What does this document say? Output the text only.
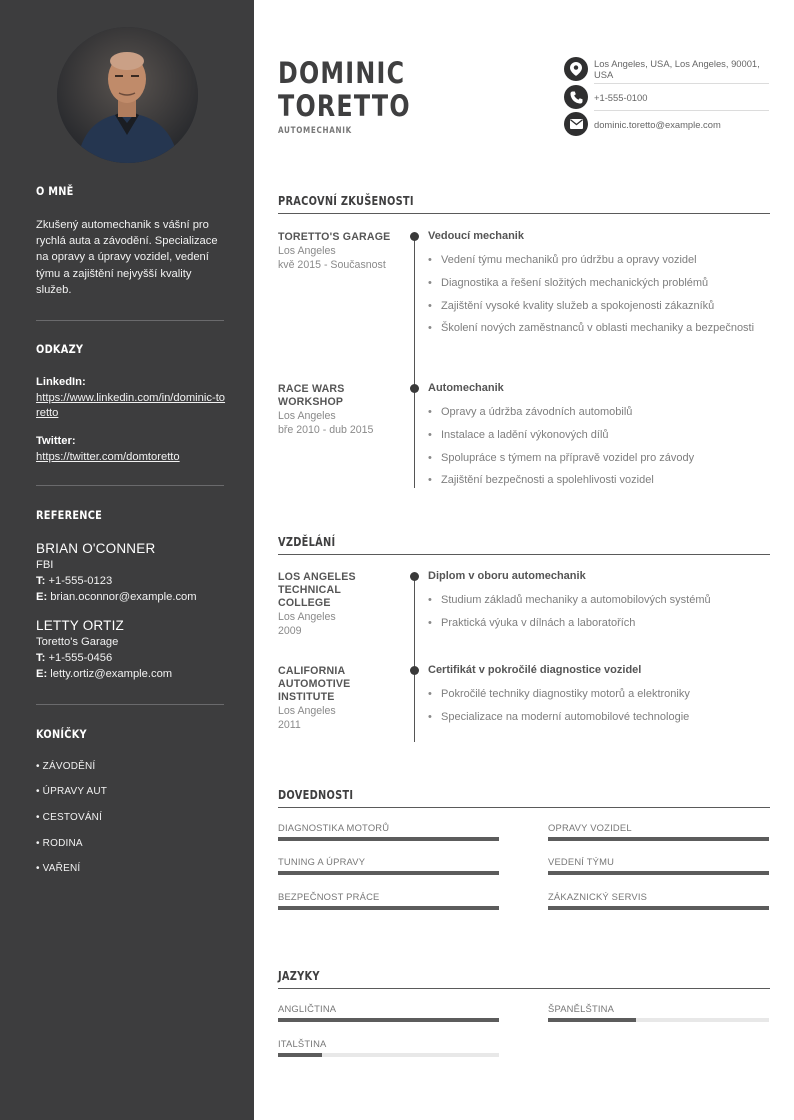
O MNĚ
Zkušený automechanik s vášní pro rychlá auta a závodění. Specializace na opravy a úpravy vozidel, vedení týmu a zajištění nejvyšší kvality služeb.
ODKAZY
LinkedIn:
https://www.linkedin.com/in/dominic-toretto
Twitter:
https://twitter.com/domtoretto
REFERENCE
BRIAN O'CONNER
FBI
T: +1-555-0123
E: brian.oconnor@example.com
LETTY ORTIZ
Toretto's Garage
T: +1-555-0456
E: letty.ortiz@example.com
KONÍČKY
• ZÁVODĚNÍ
• ÚPRAVY AUT
• CESTOVÁNÍ
• RODINA
• VAŘENÍ
DOMINIC
TORETTO
AUTOMECHANIK
Los Angeles, USA, Los Angeles, 90001, USA
+1-555-0100
dominic.toretto@example.com
PRACOVNÍ ZKUŠENOSTI
TORETTO'S GARAGE
Los Angeles
kvě 2015 - Současnost
Vedoucí mechanik
• Vedení týmu mechaniků pro údržbu a opravy vozidel
• Diagnostika a řešení složitých mechanických problémů
• Zajištění vysoké kvality služeb a spokojenosti zákazníků
• Školení nových zaměstnanců v oblasti mechaniky a bezpečnosti
RACE WARS WORKSHOP
Los Angeles
bře 2010 - dub 2015
Automechanik
• Opravy a údržba závodních automobilů
• Instalace a ladění výkonových dílů
• Spolupráce s týmem na přípravě vozidel pro závody
• Zajištění bezpečnosti a spolehlivosti vozidel
VZDĚLÁNÍ
LOS ANGELES TECHNICAL COLLEGE
Los Angeles
2009
Diplom v oboru automechanik
• Studium základů mechaniky a automobilových systémů
• Praktická výuka v dílnách a laboratořích
CALIFORNIA AUTOMOTIVE INSTITUTE
Los Angeles
2011
Certifikát v pokročilé diagnostice vozidel
• Pokročilé techniky diagnostiky motorů a elektroniky
• Specializace na moderní automobilové technologie
DOVEDNOSTI
DIAGNOSTIKA MOTORŮ	OPRAVY VOZIDEL
TUNING A ÚPRAVY	VEDENÍ TÝMU
BEZPEČNOST PRÁCE	ZÁKAZNICKÝ SERVIS
JAZYKY
ANGLIČTINA	ŠPANĚLŠTINA
ITALŠTINA
